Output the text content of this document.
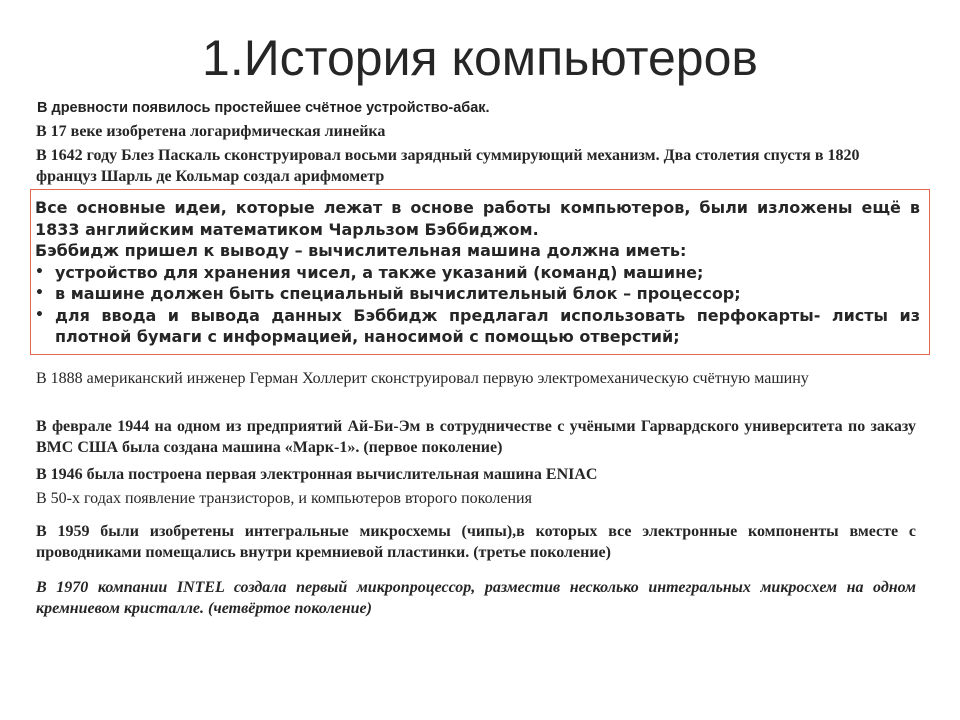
1.История компьютеров

В древности появилось простейшее счётное устройство-абак.

В 17 веке изобретена логарифмическая линейка

В 1642 году Блез Паскаль сконструировал восьми зарядный суммирующий механизм. Два столетия спустя в 1820 француз Шарль де Кольмар создал арифмометр

Все основные идеи, которые лежат в основе работы компьютеров, были изложены ещё в 1833 английским математиком Чарльзом Бэббиджом.

Бэббидж пришел к выводу – вычислительная машина должна иметь:

• устройство для хранения чисел, а также указаний (команд) машине;
• в машине должен быть специальный вычислительный блок – процессор;
• для ввода и вывода данных Бэббидж предлагал использовать перфокарты- листы из плотной бумаги с информацией, наносимой с помощью отверстий;

В 1888 американский инженер Герман Холлерит сконструировал первую электромеханическую счётную машину

В феврале 1944 на одном из предприятий Ай-Би-Эм в сотрудничестве с учёными Гарвардского университета по заказу ВМС США была создана машина «Марк-1». (первое поколение)

В 1946 была построена первая электронная вычислительная машина ENIAC

В 50-х годах появление транзисторов, и компьютеров второго поколения

В 1959 были изобретены интегральные микросхемы (чипы),в которых все электронные компоненты вместе с проводниками помещались внутри кремниевой пластинки. (третье поколение)

В 1970 компании INTEL создала первый микропроцессор, разместив несколько интегральных микросхем на одном кремниевом кристалле. (четвёртое поколение)
